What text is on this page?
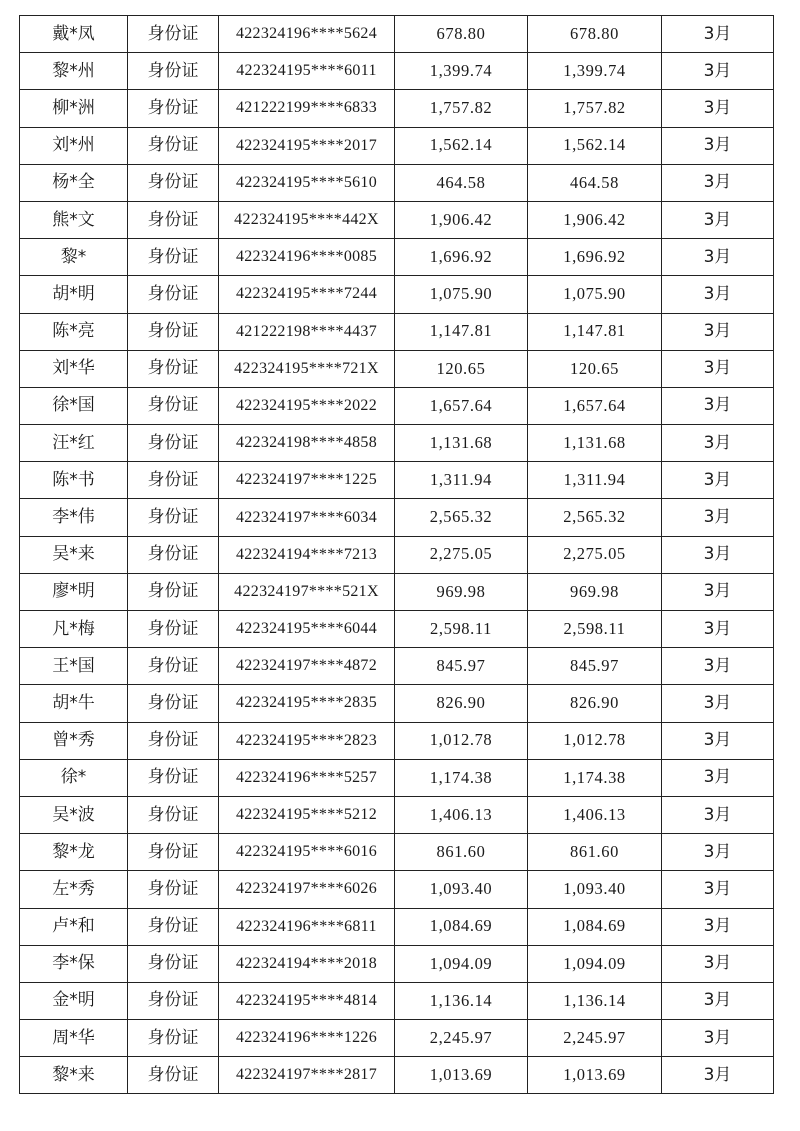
戴*凤	身份证	422324196****5624	678.80	678.80	3月
黎*州	身份证	422324195****6011	1,399.74	1,399.74	3月
柳*洲	身份证	421222199****6833	1,757.82	1,757.82	3月
刘*州	身份证	422324195****2017	1,562.14	1,562.14	3月
杨*全	身份证	422324195****5610	464.58	464.58	3月
熊*文	身份证	422324195****442X	1,906.42	1,906.42	3月
黎*	身份证	422324196****0085	1,696.92	1,696.92	3月
胡*明	身份证	422324195****7244	1,075.90	1,075.90	3月
陈*亮	身份证	421222198****4437	1,147.81	1,147.81	3月
刘*华	身份证	422324195****721X	120.65	120.65	3月
徐*国	身份证	422324195****2022	1,657.64	1,657.64	3月
汪*红	身份证	422324198****4858	1,131.68	1,131.68	3月
陈*书	身份证	422324197****1225	1,311.94	1,311.94	3月
李*伟	身份证	422324197****6034	2,565.32	2,565.32	3月
吴*来	身份证	422324194****7213	2,275.05	2,275.05	3月
廖*明	身份证	422324197****521X	969.98	969.98	3月
凡*梅	身份证	422324195****6044	2,598.11	2,598.11	3月
王*国	身份证	422324197****4872	845.97	845.97	3月
胡*牛	身份证	422324195****2835	826.90	826.90	3月
曾*秀	身份证	422324195****2823	1,012.78	1,012.78	3月
徐*	身份证	422324196****5257	1,174.38	1,174.38	3月
吴*波	身份证	422324195****5212	1,406.13	1,406.13	3月
黎*龙	身份证	422324195****6016	861.60	861.60	3月
左*秀	身份证	422324197****6026	1,093.40	1,093.40	3月
卢*和	身份证	422324196****6811	1,084.69	1,084.69	3月
李*保	身份证	422324194****2018	1,094.09	1,094.09	3月
金*明	身份证	422324195****4814	1,136.14	1,136.14	3月
周*华	身份证	422324196****1226	2,245.97	2,245.97	3月
黎*来	身份证	422324197****2817	1,013.69	1,013.69	3月
